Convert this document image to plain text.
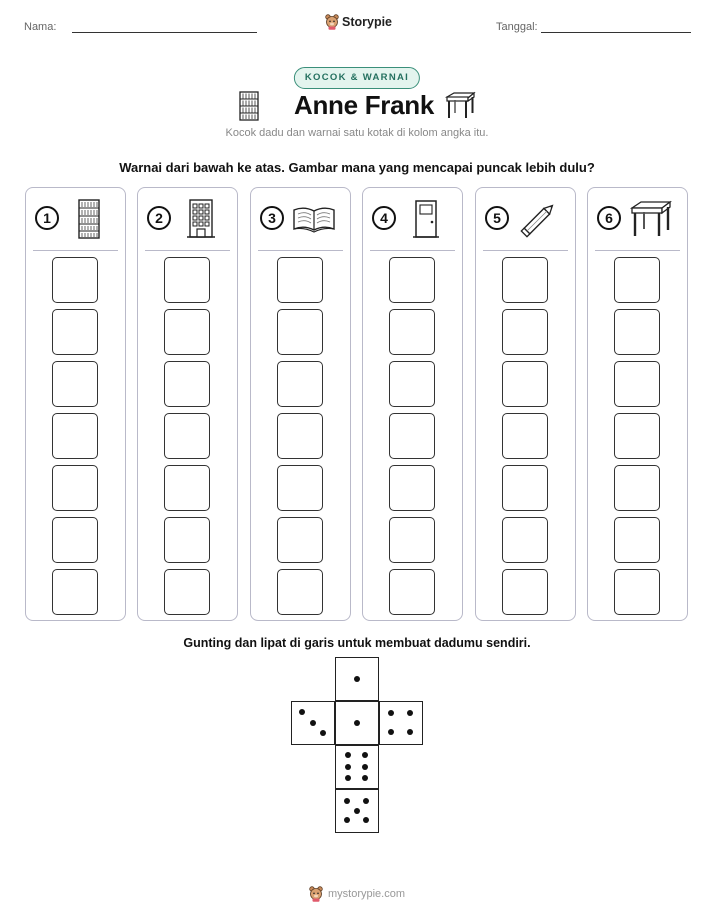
Nama:	Storypie	Tanggal:
KOCOK & WARNAI
Anne Frank
Kocok dadu dan warnai satu kotak di kolom angka itu.
Warnai dari bawah ke atas. Gambar mana yang mencapai puncak lebih dulu?
1	2	3	4	5	6
Gunting dan lipat di garis untuk membuat dadumu sendiri.
mystorypie.com
